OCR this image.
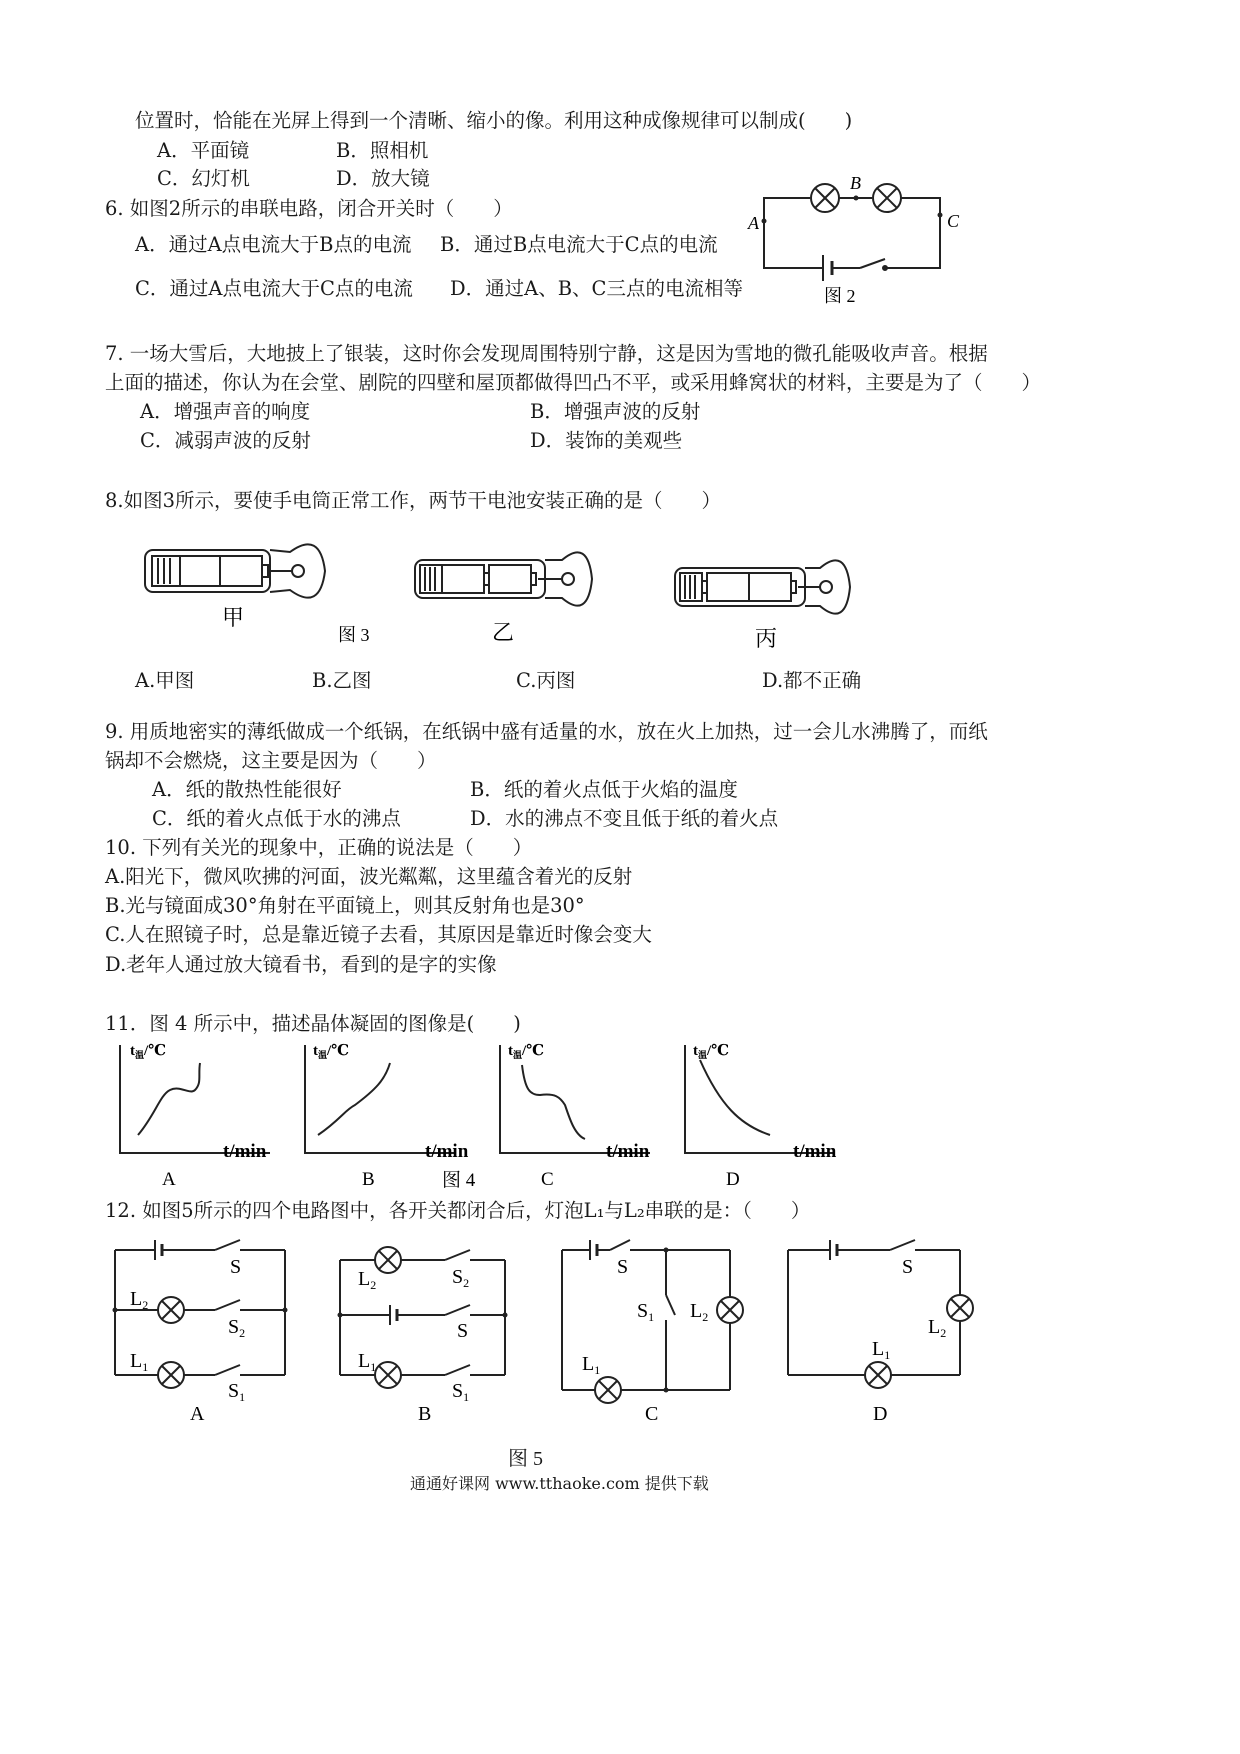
位置时，恰能在光屏上得到一个清晰、缩小的像。利用这种成像规律可以制成(　　)
A．平面镜	B．照相机
C．幻灯机	D．放大镜
6. 如图2所示的串联电路，闭合开关时（　　）
A．通过A点电流大于B点的电流 B．通过B点电流大于C点的电流
C．通过A点电流大于C点的电流 D．通过A、B、C三点的电流相等
A
B
C
图 2
7. 一场大雪后，大地披上了银装，这时你会发现周围特别宁静，这是因为雪地的微孔能吸收声音。根据
上面的描述，你认为在会堂、剧院的四壁和屋顶都做得凹凸不平，或采用蜂窝状的材料，主要是为了（　　）
A．增强声音的响度	B．增强声波的反射
C．减弱声波的反射	D．装饰的美观些
8.如图3所示，要使手电筒正常工作，两节干电池安装正确的是（　　）
甲
图 3	乙	丙
A.甲图	B.乙图	C.丙图	D.都不正确
9. 用质地密实的薄纸做成一个纸锅，在纸锅中盛有适量的水，放在火上加热，过一会儿水沸腾了，而纸
锅却不会燃烧，这主要是因为（　　）
A．纸的散热性能很好	B．纸的着火点低于火焰的温度
C．纸的着火点低于水的沸点	D．水的沸点不变且低于纸的着火点
10. 下列有关光的现象中，正确的说法是（　　）
A.阳光下，微风吹拂的河面，波光粼粼，这里蕴含着光的反射
B.光与镜面成30°角射在平面镜上，则其反射角也是30°
C.人在照镜子时，总是靠近镜子去看，其原因是靠近时像会变大
D.老年人通过放大镜看书，看到的是字的实像
11．图 4 所示中，描述晶体凝固的图像是(　　)
$t_温/℃$	$t_温/℃$	$t_温/℃$	$t_温/℃$
t/min	t/min	t/min	t/min
A	B	图 4	C	D
12. 如图5所示的四个电路图中，各开关都闭合后，灯泡L₁与L₂串联的是：（　　）
S
$L_2$
$S_2$
$L_1$
$S_1$
A
$L_2$	$S_2$
S
$L_1$
$S_1$
B
S
$S_1$ $L_2$
$L_1$
C
S
$L_2$
$L_1$
D
图 5
通通好课网 www.tthaoke.com 提供下载
